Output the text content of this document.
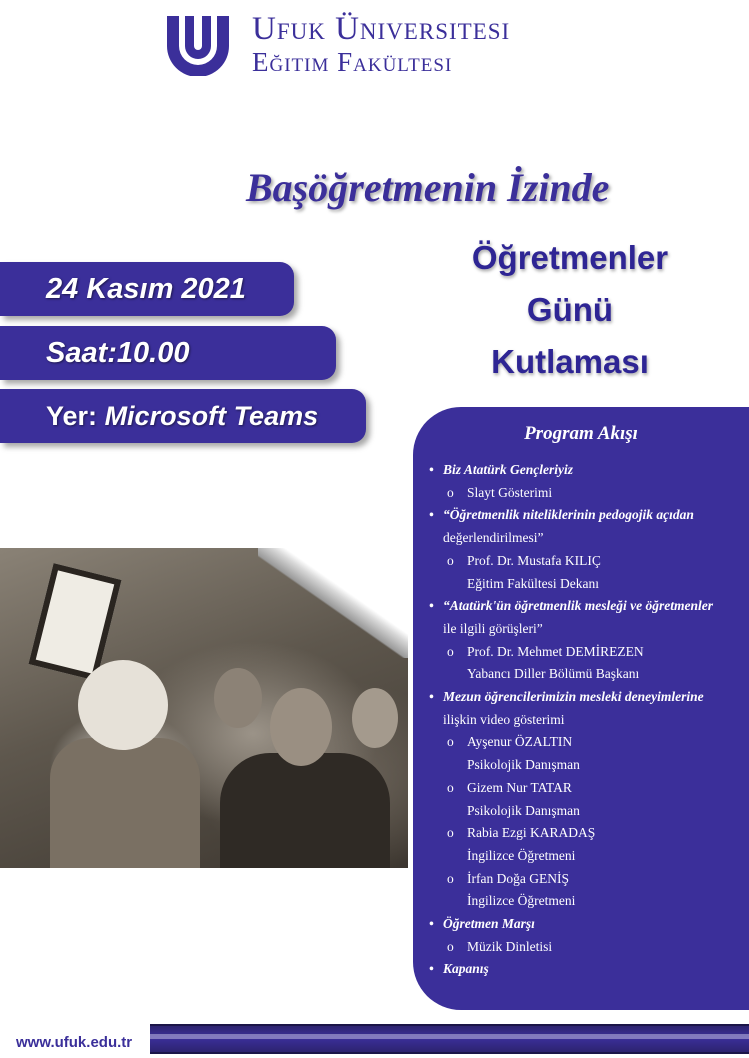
Ufuk Üniversitesi
Eğitim Fakültesi
Başöğretmenin İzinde
Öğretmenler
Günü
Kutlaması
24 Kasım 2021
Saat:10.00
Yer:
Microsoft Teams
Program Akışı
• Biz Atatürk Gençleriyiz
o Slayt Gösterimi
• “Öğretmenlik niteliklerinin pedogojik açıdan
değerlendirilmesi”
o Prof. Dr. Mustafa KILIÇ
Eğitim Fakültesi Dekanı
• “Atatürk'ün öğretmenlik mesleği ve öğretmenler
ile ilgili görüşleri”
o Prof. Dr. Mehmet DEMİREZEN
Yabancı Diller Bölümü Başkanı
• Mezun öğrencilerimizin mesleki deneyimlerine
ilişkin video gösterimi
o Ayşenur ÖZALTIN
Psikolojik Danışman
o Gizem Nur TATAR
Psikolojik Danışman
o Rabia Ezgi KARADAŞ
İngilizce Öğretmeni
o İrfan Doğa GENİŞ
İngilizce Öğretmeni
• Öğretmen Marşı
o Müzik Dinletisi
• Kapanış
www.ufuk.edu.tr
